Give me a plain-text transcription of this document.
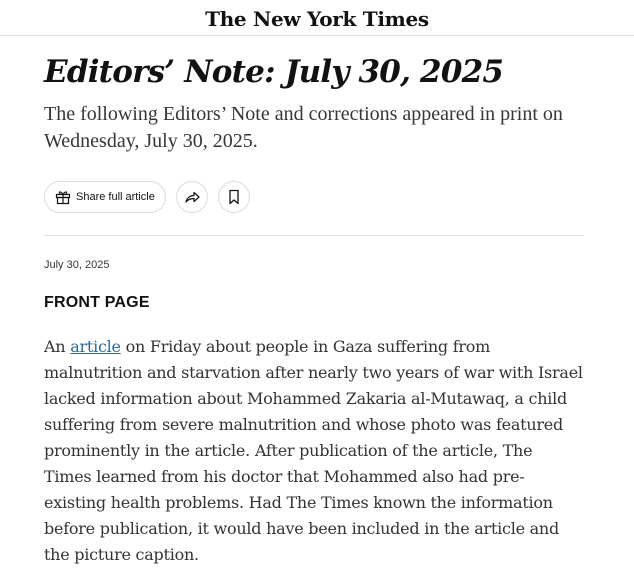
The New York Times
Editors’ Note: July 30, 2025

The following Editors’ Note and corrections appeared in print on Wednesday, July 30, 2025.

Share full article
July 30, 2025
FRONT PAGE

An article on Friday about people in Gaza suffering from malnutrition and starvation after nearly two years of war with Israel lacked information about Mohammed Zakaria al-Mutawaq, a child suffering from severe malnutrition and whose photo was featured prominently in the article. After publication of the article, The Times learned from his doctor that Mohammed also had pre-existing health problems. Had The Times known the information before publication, it would have been included in the article and the picture caption.
